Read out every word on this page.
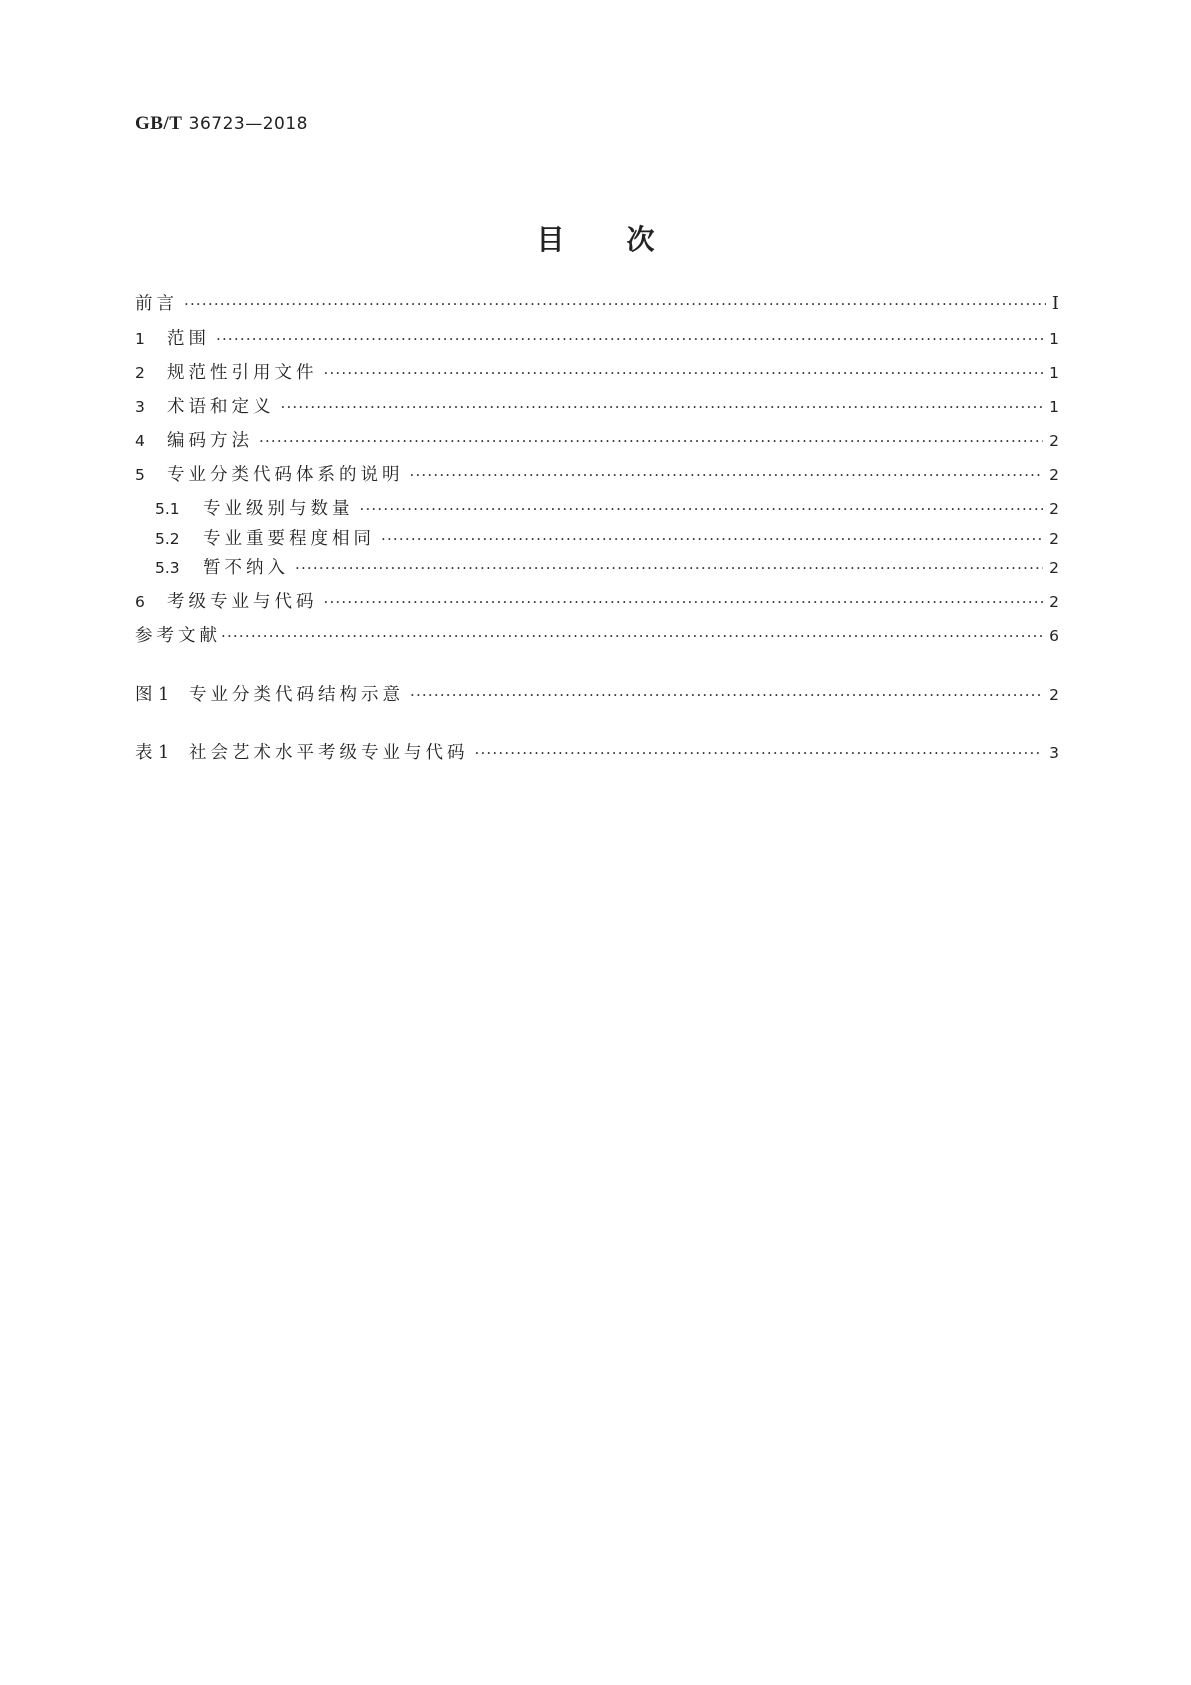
GB/T 36723—2018
目 次
前言 ·····	Ⅰ
1	范围 ·····	1
2	规范性引用文件 ·····	1
3	术语和定义 ·····	1
4	编码方法 ·····	2
5	专业分类代码体系的说明 ·····	2
5.1	专业级别与数量 ·····	2
5.2	专业重要程度相同 ·····	2
5.3	暂不纳入 ·····	2
6	考级专业与代码 ·····	2
参考文献 ·····	6
图 1	专业分类代码结构示意 ·····	2
表 1	社会艺术水平考级专业与代码 ·····	3
